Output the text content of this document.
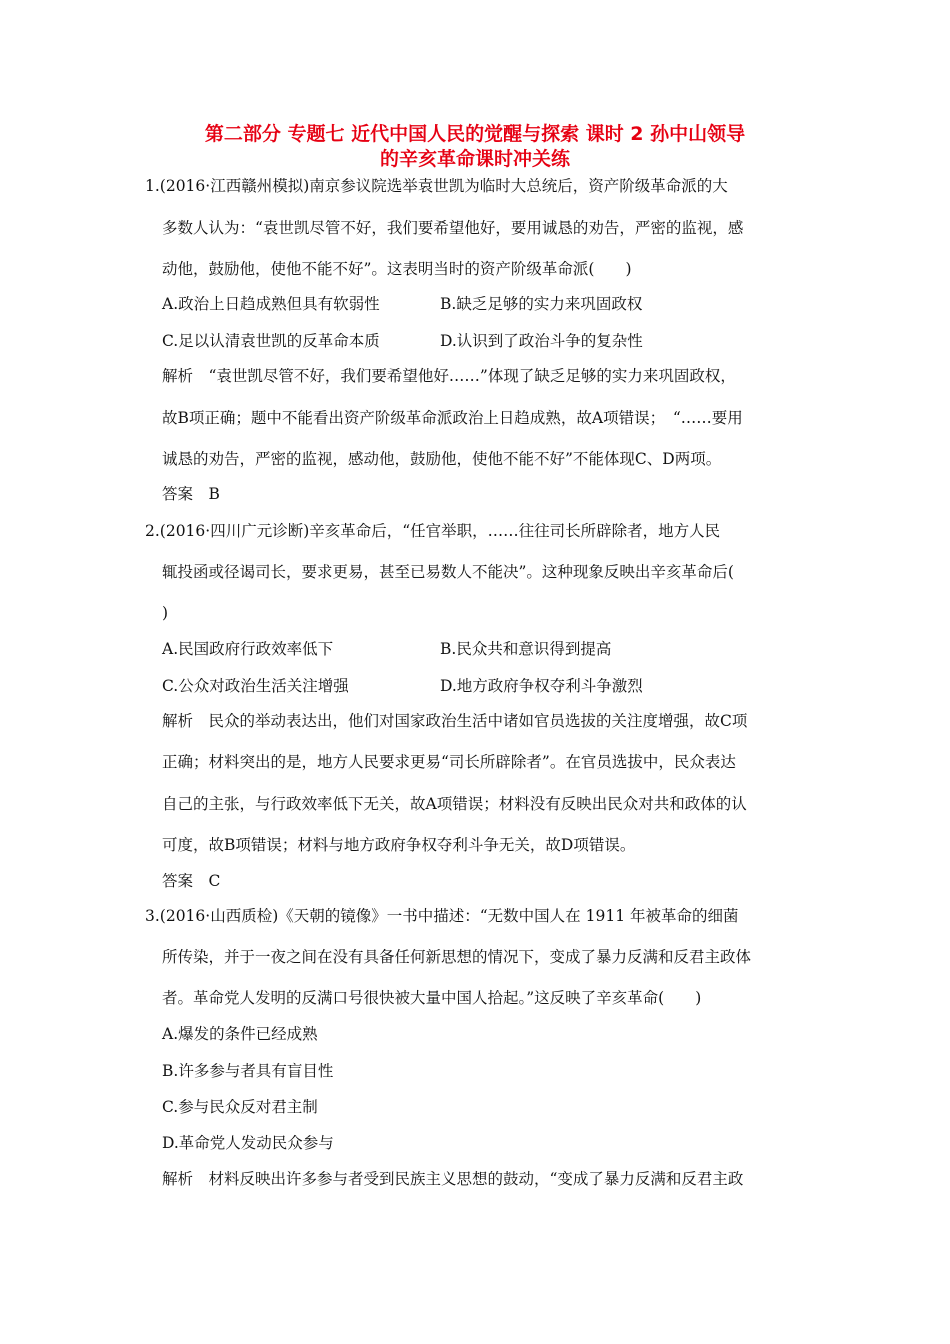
第二部分 专题七 近代中国人民的觉醒与探索 课时 2 孙中山领导
的辛亥革命课时冲关练
1.(2016·江西赣州模拟)南京参议院选举袁世凯为临时大总统后，资产阶级革命派的大
多数人认为：“袁世凯尽管不好，我们要希望他好，要用诚恳的劝告，严密的监视，感
动他，鼓励他，使他不能不好”。这表明当时的资产阶级革命派(　　)
A.政治上日趋成熟但具有软弱性	B.缺乏足够的实力来巩固政权
C.足以认清袁世凯的反革命本质	D.认识到了政治斗争的复杂性
解析　“袁世凯尽管不好，我们要希望他好……”体现了缺乏足够的实力来巩固政权，
故B项正确；题中不能看出资产阶级革命派政治上日趋成熟，故A项错误；　“……要用
诚恳的劝告，严密的监视，感动他，鼓励他，使他不能不好”不能体现C、D两项。
答案　B
2.(2016·四川广元诊断)辛亥革命后，“任官举职，……往往司长所辟除者，地方人民
辄投函或径谒司长，要求更易，甚至已易数人不能决”。这种现象反映出辛亥革命后(
)
A.民国政府行政效率低下	B.民众共和意识得到提高
C.公众对政治生活关注增强	D.地方政府争权夺利斗争激烈
解析　民众的举动表达出，他们对国家政治生活中诸如官员选拔的关注度增强，故C项
正确；材料突出的是，地方人民要求更易“司长所辟除者”。在官员选拔中，民众表达
自己的主张，与行政效率低下无关，故A项错误；材料没有反映出民众对共和政体的认
可度，故B项错误；材料与地方政府争权夺利斗争无关，故D项错误。
答案　C
3.(2016·山西质检)《天朝的镜像》一书中描述：“无数中国人在 1911 年被革命的细菌
所传染，并于一夜之间在没有具备任何新思想的情况下，变成了暴力反满和反君主政体
者。革命党人发明的反满口号很快被大量中国人拾起。”这反映了辛亥革命(　　)
A.爆发的条件已经成熟
B.许多参与者具有盲目性
C.参与民众反对君主制
D.革命党人发动民众参与
解析　材料反映出许多参与者受到民族主义思想的鼓动，“变成了暴力反满和反君主政
